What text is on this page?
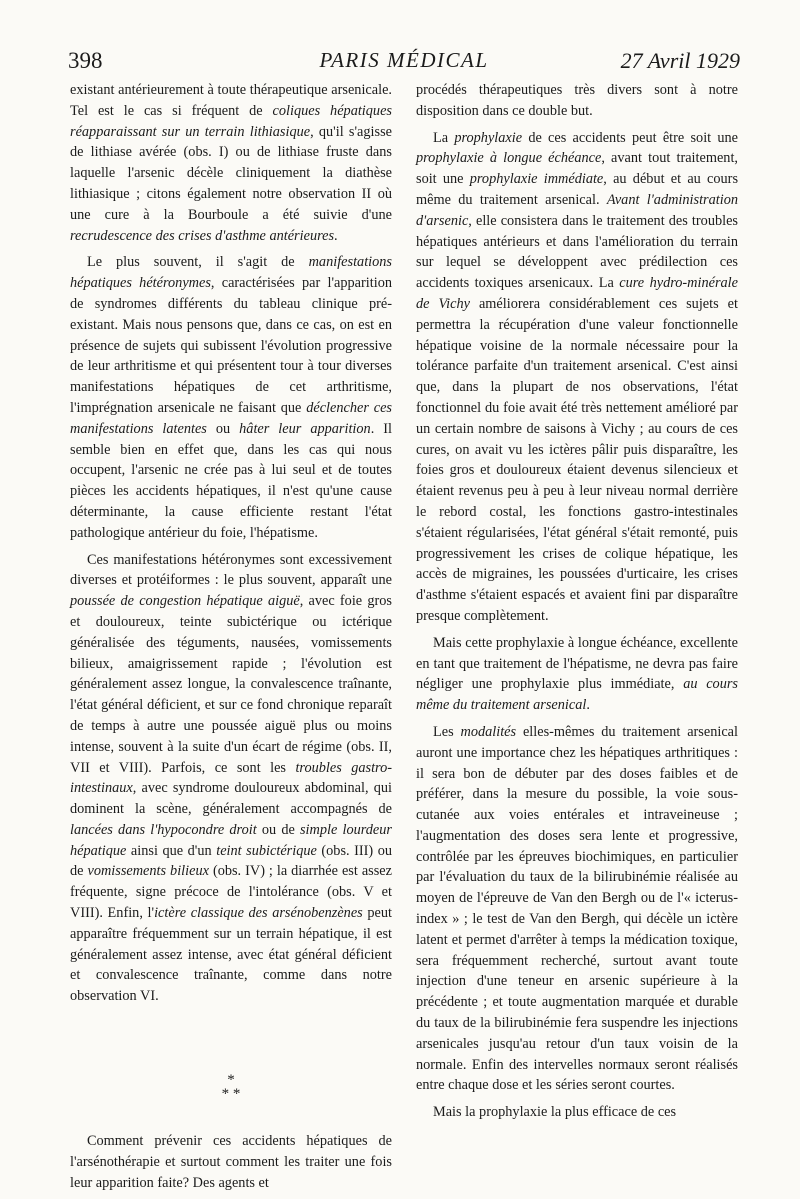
398	PARIS MÉDICAL	27 Avril 1929

existant antérieurement à toute thérapeutique arsenicale. Tel est le cas si fréquent de coliques hépatiques réapparaissant sur un terrain lithiasique, qu'il s'agisse de lithiase avérée (obs. I) ou de lithiase fruste dans laquelle l'arsenic décèle cliniquement la diathèse lithiasique ; citons également notre observation II où une cure à la Bourboule a été suivie d'une recrudescence des crises d'asthme antérieures.

Le plus souvent, il s'agit de manifestations hépatiques hétéronymes, caractérisées par l'apparition de syndromes différents du tableau clinique pré-existant. Mais nous pensons que, dans ce cas, on est en présence de sujets qui subissent l'évolution progressive de leur arthritisme et qui présentent tour à tour diverses manifestations hépatiques de cet arthritisme, l'imprégnation arsenicale ne faisant que déclencher ces manifestations latentes ou hâter leur apparition. Il semble bien en effet que, dans les cas qui nous occupent, l'arsenic ne crée pas à lui seul et de toutes pièces les accidents hépatiques, il n'est qu'une cause déterminante, la cause efficiente restant l'état pathologique antérieur du foie, l'hépatisme.

Ces manifestations hétéronymes sont excessivement diverses et protéiformes : le plus souvent, apparaît une poussée de congestion hépatique aiguë, avec foie gros et douloureux, teinte subictérique ou ictérique généralisée des téguments, nausées, vomissements bilieux, amaigrissement rapide ; l'évolution est généralement assez longue, la convalescence traînante, l'état général déficient, et sur ce fond chronique reparaît de temps à autre une poussée aiguë plus ou moins intense, souvent à la suite d'un écart de régime (obs. II, VII et VIII). Parfois, ce sont les troubles gastro-intestinaux, avec syndrome douloureux abdominal, qui dominent la scène, généralement accompagnés de lancées dans l'hypocondre droit ou de simple lourdeur hépatique ainsi que d'un teint subictérique (obs. III) ou de vomissements bilieux (obs. IV) ; la diarrhée est assez fréquente, signe précoce de l'intolérance (obs. V et VIII). Enfin, l'ictère classique des arsénobenzènes peut apparaître fréquemment sur un terrain hépatique, il est généralement assez intense, avec état général déficient et convalescence traînante, comme dans notre observation VI.

*
* *

Comment prévenir ces accidents hépatiques de l'arsénothérapie et surtout comment les traiter une fois leur apparition faite? Des agents et

procédés thérapeutiques très divers sont à notre disposition dans ce double but.

La prophylaxie de ces accidents peut être soit une prophylaxie à longue échéance, avant tout traitement, soit une prophylaxie immédiate, au début et au cours même du traitement arsenical. Avant l'administration d'arsenic, elle consistera dans le traitement des troubles hépatiques antérieurs et dans l'amélioration du terrain sur lequel se développent avec prédilection ces accidents toxiques arsenicaux. La cure hydro-minérale de Vichy améliorera considérablement ces sujets et permettra la récupération d'une valeur fonctionnelle hépatique voisine de la normale nécessaire pour la tolérance parfaite d'un traitement arsenical. C'est ainsi que, dans la plupart de nos observations, l'état fonctionnel du foie avait été très nettement amélioré par un certain nombre de saisons à Vichy ; au cours de ces cures, on avait vu les ictères pâlir puis disparaître, les foies gros et douloureux étaient devenus silencieux et étaient revenus peu à peu à leur niveau normal derrière le rebord costal, les fonctions gastro-intestinales s'étaient régularisées, l'état général s'était remonté, puis progressivement les crises de colique hépatique, les accès de migraines, les poussées d'urticaire, les crises d'asthme s'étaient espacés et avaient fini par disparaître presque complètement.

Mais cette prophylaxie à longue échéance, excellente en tant que traitement de l'hépatisme, ne devra pas faire négliger une prophylaxie plus immédiate, au cours même du traitement arsenical.

Les modalités elles-mêmes du traitement arsenical auront une importance chez les hépatiques arthritiques : il sera bon de débuter par des doses faibles et de préférer, dans la mesure du possible, la voie sous-cutanée aux voies entérales et intraveineuse ; l'augmentation des doses sera lente et progressive, contrôlée par les épreuves biochimiques, en particulier par l'évaluation du taux de la bilirubinémie réalisée au moyen de l'épreuve de Van den Bergh ou de l'« icterus-index » ; le test de Van den Bergh, qui décèle un ictère latent et permet d'arrêter à temps la médication toxique, sera fréquemment recherché, surtout avant toute injection d'une teneur en arsenic supérieure à la précédente ; et toute augmentation marquée et durable du taux de la bilirubinémie fera suspendre les injections arsenicales jusqu'au retour d'un taux voisin de la normale. Enfin des intervelles normaux seront réalisés entre chaque dose et les séries seront courtes.

Mais la prophylaxie la plus efficace de ces
